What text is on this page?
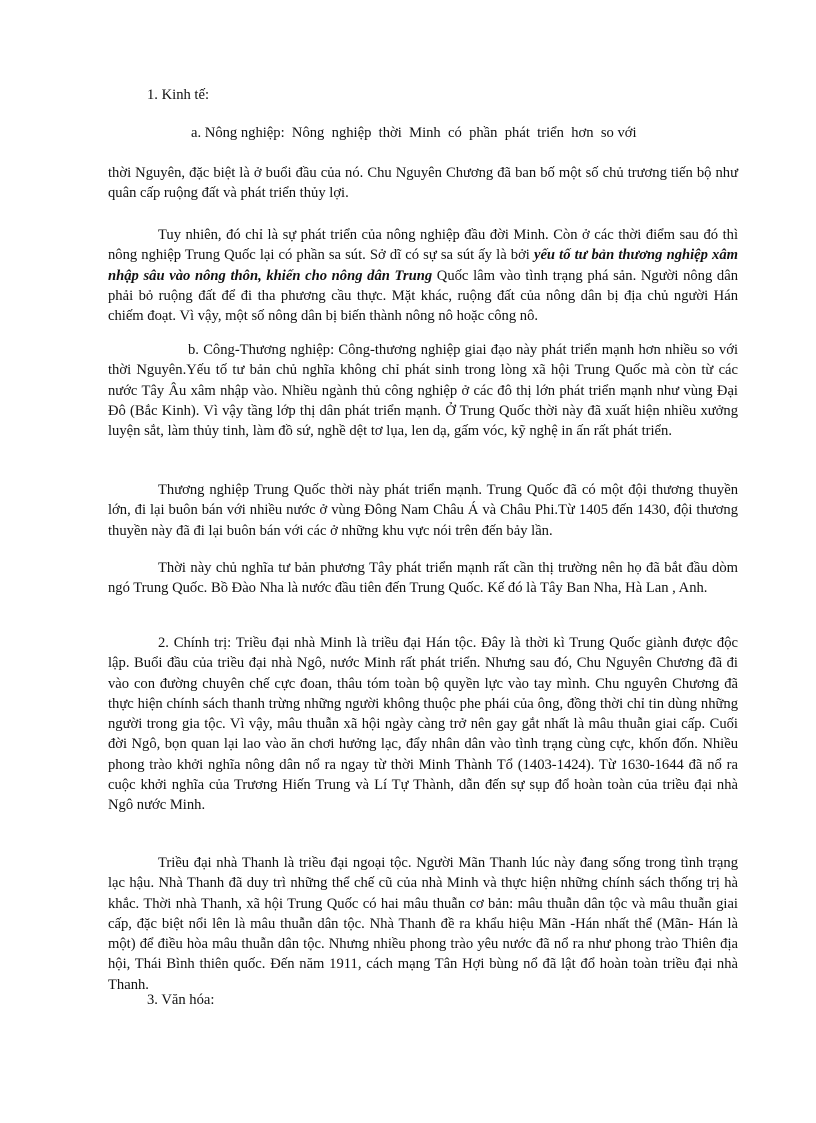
1. Kinh tế:

a. Nông nghiệp:  Nông  nghiệp  thời  Minh  có  phần  phát  triển  hơn  so với

thời Nguyên, đặc biệt là ở buổi đầu của nó. Chu Nguyên Chương đã ban bố một số chủ trương tiến bộ như quân cấp ruộng đất và phát triển thủy lợi.

Tuy nhiên, đó chỉ là sự phát triển của nông nghiệp đầu đời Minh. Còn ở các thời điểm sau đó thì nông nghiệp Trung Quốc lại có phần sa sút. Sở dĩ có sự sa sút ấy là bởi yếu tố tư bản thương nghiệp xâm nhập sâu vào nông thôn, khiến cho nông dân Trung Quốc lâm vào tình trạng phá sản. Người nông dân phải bỏ ruộng đất để đi tha phương cầu thực. Mặt khác, ruộng đất của nông dân bị địa chủ người Hán chiếm đoạt. Vì vậy, một số nông dân bị biến thành nông nô hoặc công nô.

b. Công-Thương nghiệp: Công-thương nghiệp giai đạo này phát triển mạnh hơn nhiều so với thời Nguyên.Yếu tố tư bản chủ nghĩa không chỉ phát sinh trong lòng xã hội Trung Quốc mà còn từ các nước Tây Âu xâm nhập vào. Nhiều ngành thủ công nghiệp ở các đô thị lớn phát triển mạnh như vùng Đại Đô (Bắc Kinh). Vì vậy tầng lớp thị dân phát triển mạnh. Ở Trung Quốc thời này đã xuất hiện nhiều xưởng luyện sắt, làm thủy tinh, làm đồ sứ, nghề dệt tơ lụa, len dạ, gấm vóc, kỹ nghệ in ấn rất phát triển.

Thương nghiệp Trung Quốc thời này phát triển mạnh. Trung Quốc đã có một đội thương thuyền lớn, đi lại buôn bán với nhiều nước ở vùng Đông Nam Châu Á và Châu Phi.Từ 1405 đến 1430, đội thương thuyền này đã đi lại buôn bán với các ở những khu vực nói trên đến bảy lần.

Thời này chủ nghĩa tư bản phương Tây phát triển mạnh rất cần thị trường nên họ đã bắt đầu dòm ngó Trung Quốc. Bồ Đào Nha là nước đầu tiên đến Trung Quốc. Kế đó là Tây Ban Nha, Hà Lan , Anh.

2. Chính trị: Triều đại nhà Minh là triều đại Hán tộc. Đây là thời kì Trung Quốc giành được độc lập. Buổi đầu của triều đại nhà Ngô, nước Minh rất phát triển. Nhưng sau đó, Chu Nguyên Chương đã đi vào con đường chuyên chế cực đoan, thâu tóm toàn bộ quyền lực vào tay mình. Chu nguyên Chương đã thực hiện chính sách thanh trừng những người không thuộc phe phái của ông, đồng thời chỉ tin dùng những người trong gia tộc. Vì vậy, mâu thuẫn xã hội ngày càng trở nên gay gắt nhất là mâu thuẫn giai cấp. Cuối đời Ngô, bọn quan lại lao vào ăn chơi hưởng lạc, đẩy nhân dân vào tình trạng cùng cực, khốn đốn. Nhiều phong trào khởi nghĩa nông dân nổ ra ngay từ thời Minh Thành Tổ (1403-1424). Từ 1630-1644 đã nổ ra cuộc khởi nghĩa của Trương Hiến Trung và Lí Tự Thành, dẫn đến sự sụp đổ hoàn toàn của triều đại nhà Ngô nước Minh.

Triều đại nhà Thanh là triều đại ngoại tộc. Người Mãn Thanh lúc này đang sống trong tình trạng lạc hậu. Nhà Thanh đã duy trì những thể chế cũ của nhà Minh và thực hiện những chính sách thống trị hà khắc. Thời nhà Thanh, xã hội Trung Quốc có hai mâu thuẫn cơ bản: mâu thuẫn dân tộc và mâu thuẫn giai cấp, đặc biệt nổi lên là mâu thuẫn dân tộc. Nhà Thanh đề ra khẩu hiệu Mãn -Hán nhất thể (Mãn- Hán là một) để điều hòa mâu thuẫn dân tộc. Nhưng nhiều phong trào yêu nước đã nổ ra như phong trào Thiên địa hội, Thái Bình thiên quốc. Đến năm 1911, cách mạng Tân Hợi bùng nổ đã lật đổ hoàn toàn triều đại nhà Thanh.

3. Văn hóa:
